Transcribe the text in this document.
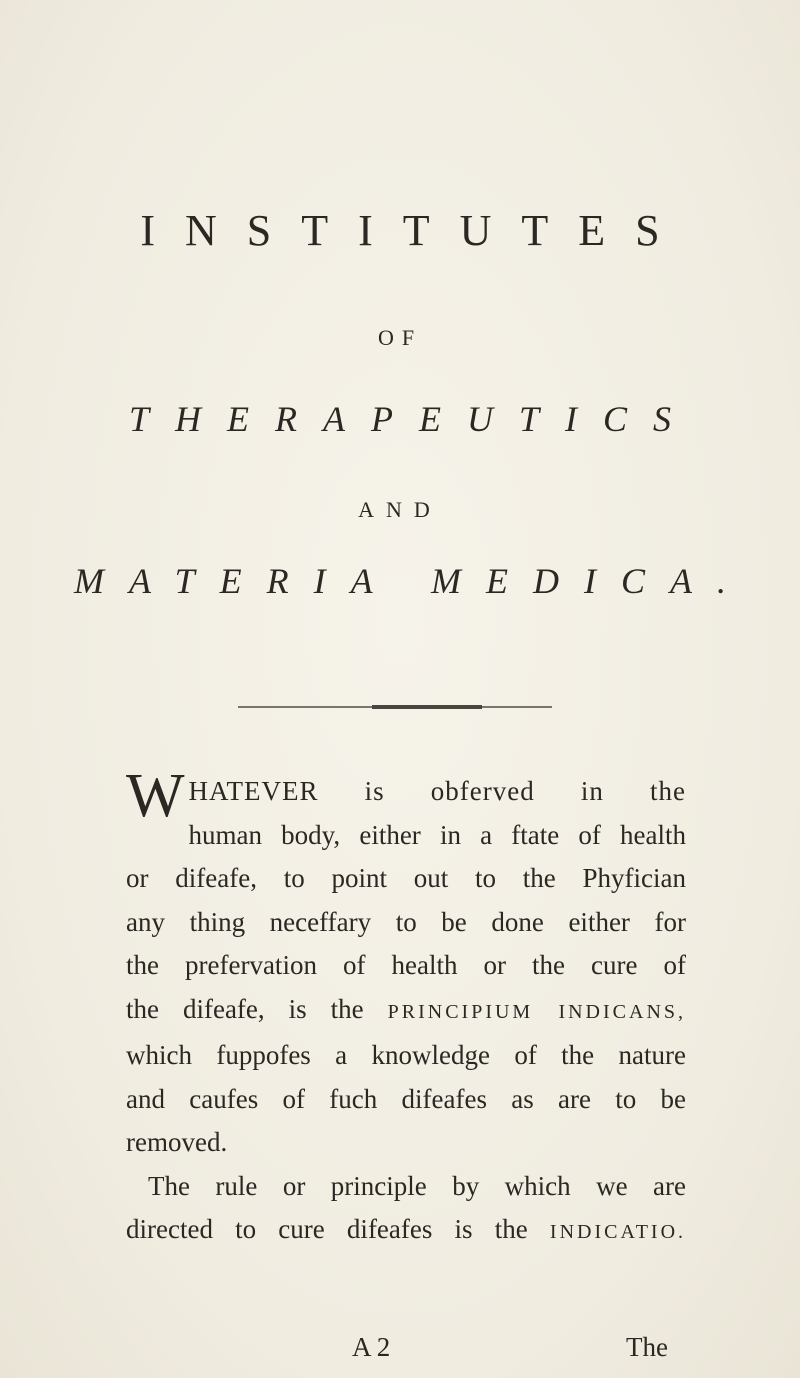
INSTITUTES
OF
THERAPEUTICS
AND
MATERIA MEDICA.
W HATEVER is obferved in the
human body, either in a ftate of health
or difeafe, to point out to the Phyfician
any thing neceffary to be done either for
the prefervation of health or the cure of
the difeafe, is the PRINCIPIUM INDICANS,
which fuppofes a knowledge of the nature
and caufes of fuch difeafes as are to be
removed.
The rule or principle by which we are
directed to cure difeafes is the INDICATIO.
A 2	The
